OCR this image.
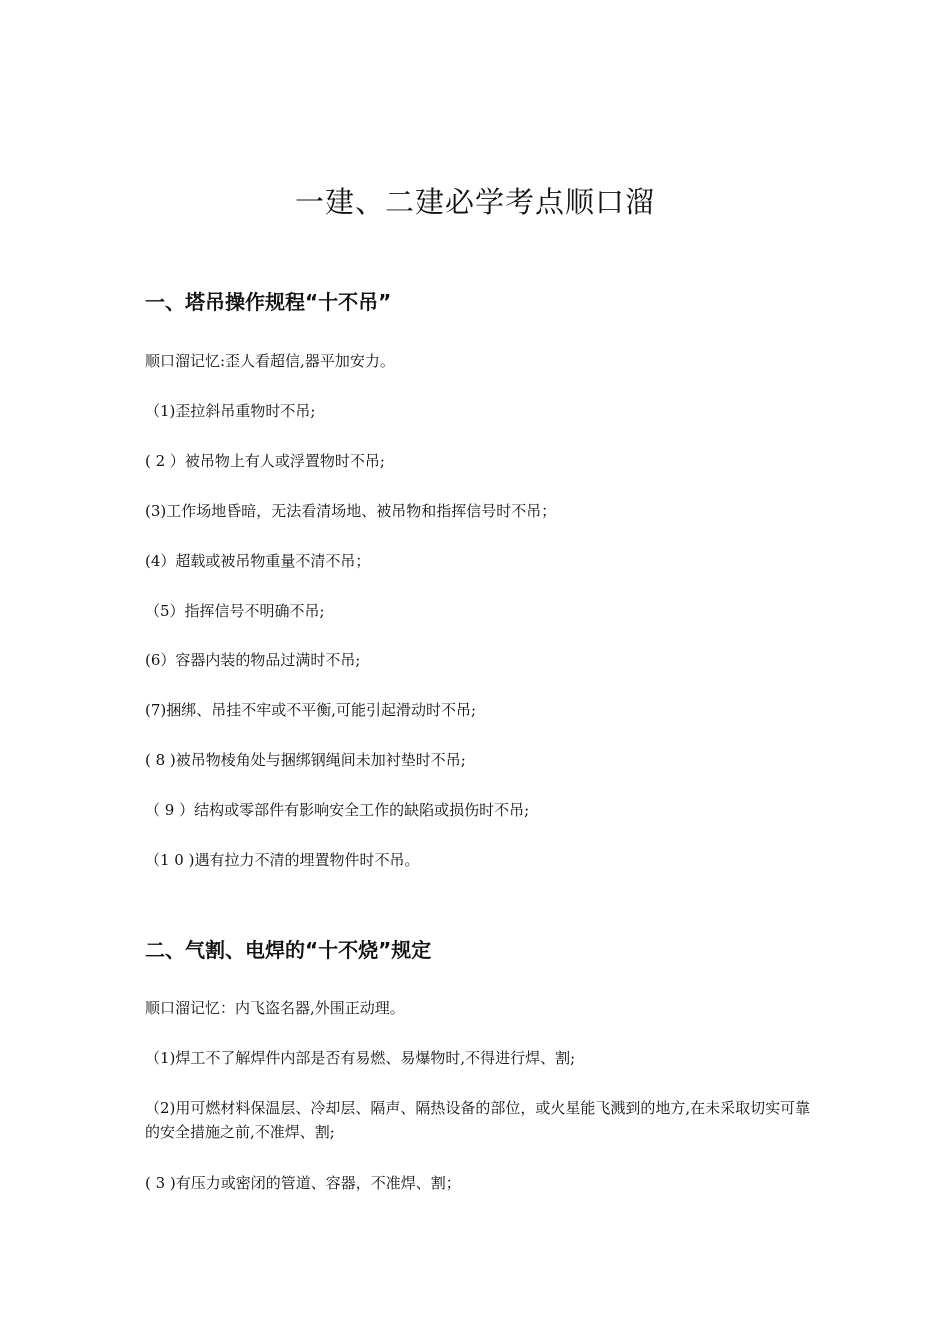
一建、二建必学考点顺口溜
一、塔吊操作规程“十不吊”

顺口溜记忆:歪人看超信,器平加安力。

（1)歪拉斜吊重物时不吊;

( 2 ）被吊物上有人或浮置物时不吊;

(3)工作场地昏暗，无法看清场地、被吊物和指挥信号时不吊；

(4）超载或被吊物重量不清不吊；

（5）指挥信号不明确不吊;

(6）容器内装的物品过满时不吊;

(7)捆绑、吊挂不牢或不平衡,可能引起滑动时不吊;

( 8 )被吊物棱角处与捆绑钢绳间未加衬垫时不吊;

（ 9 ）结构或零部件有影响安全工作的缺陷或损伤时不吊;

（1 0 )遇有拉力不清的埋置物件时不吊。

二、气割、电焊的“十不烧”规定

顺口溜记忆：内飞盗名器,外围正动理。

（1)焊工不了解焊件内部是否有易燃、易爆物时,不得进行焊、割;

（2)用可燃材料保温层、冷却层、隔声、隔热设备的部位，或火星能飞溅到的地方,在未采取切实可靠的安全措施之前,不准焊、割;

( 3 )有压力或密闭的管道、容器，不准焊、割；
